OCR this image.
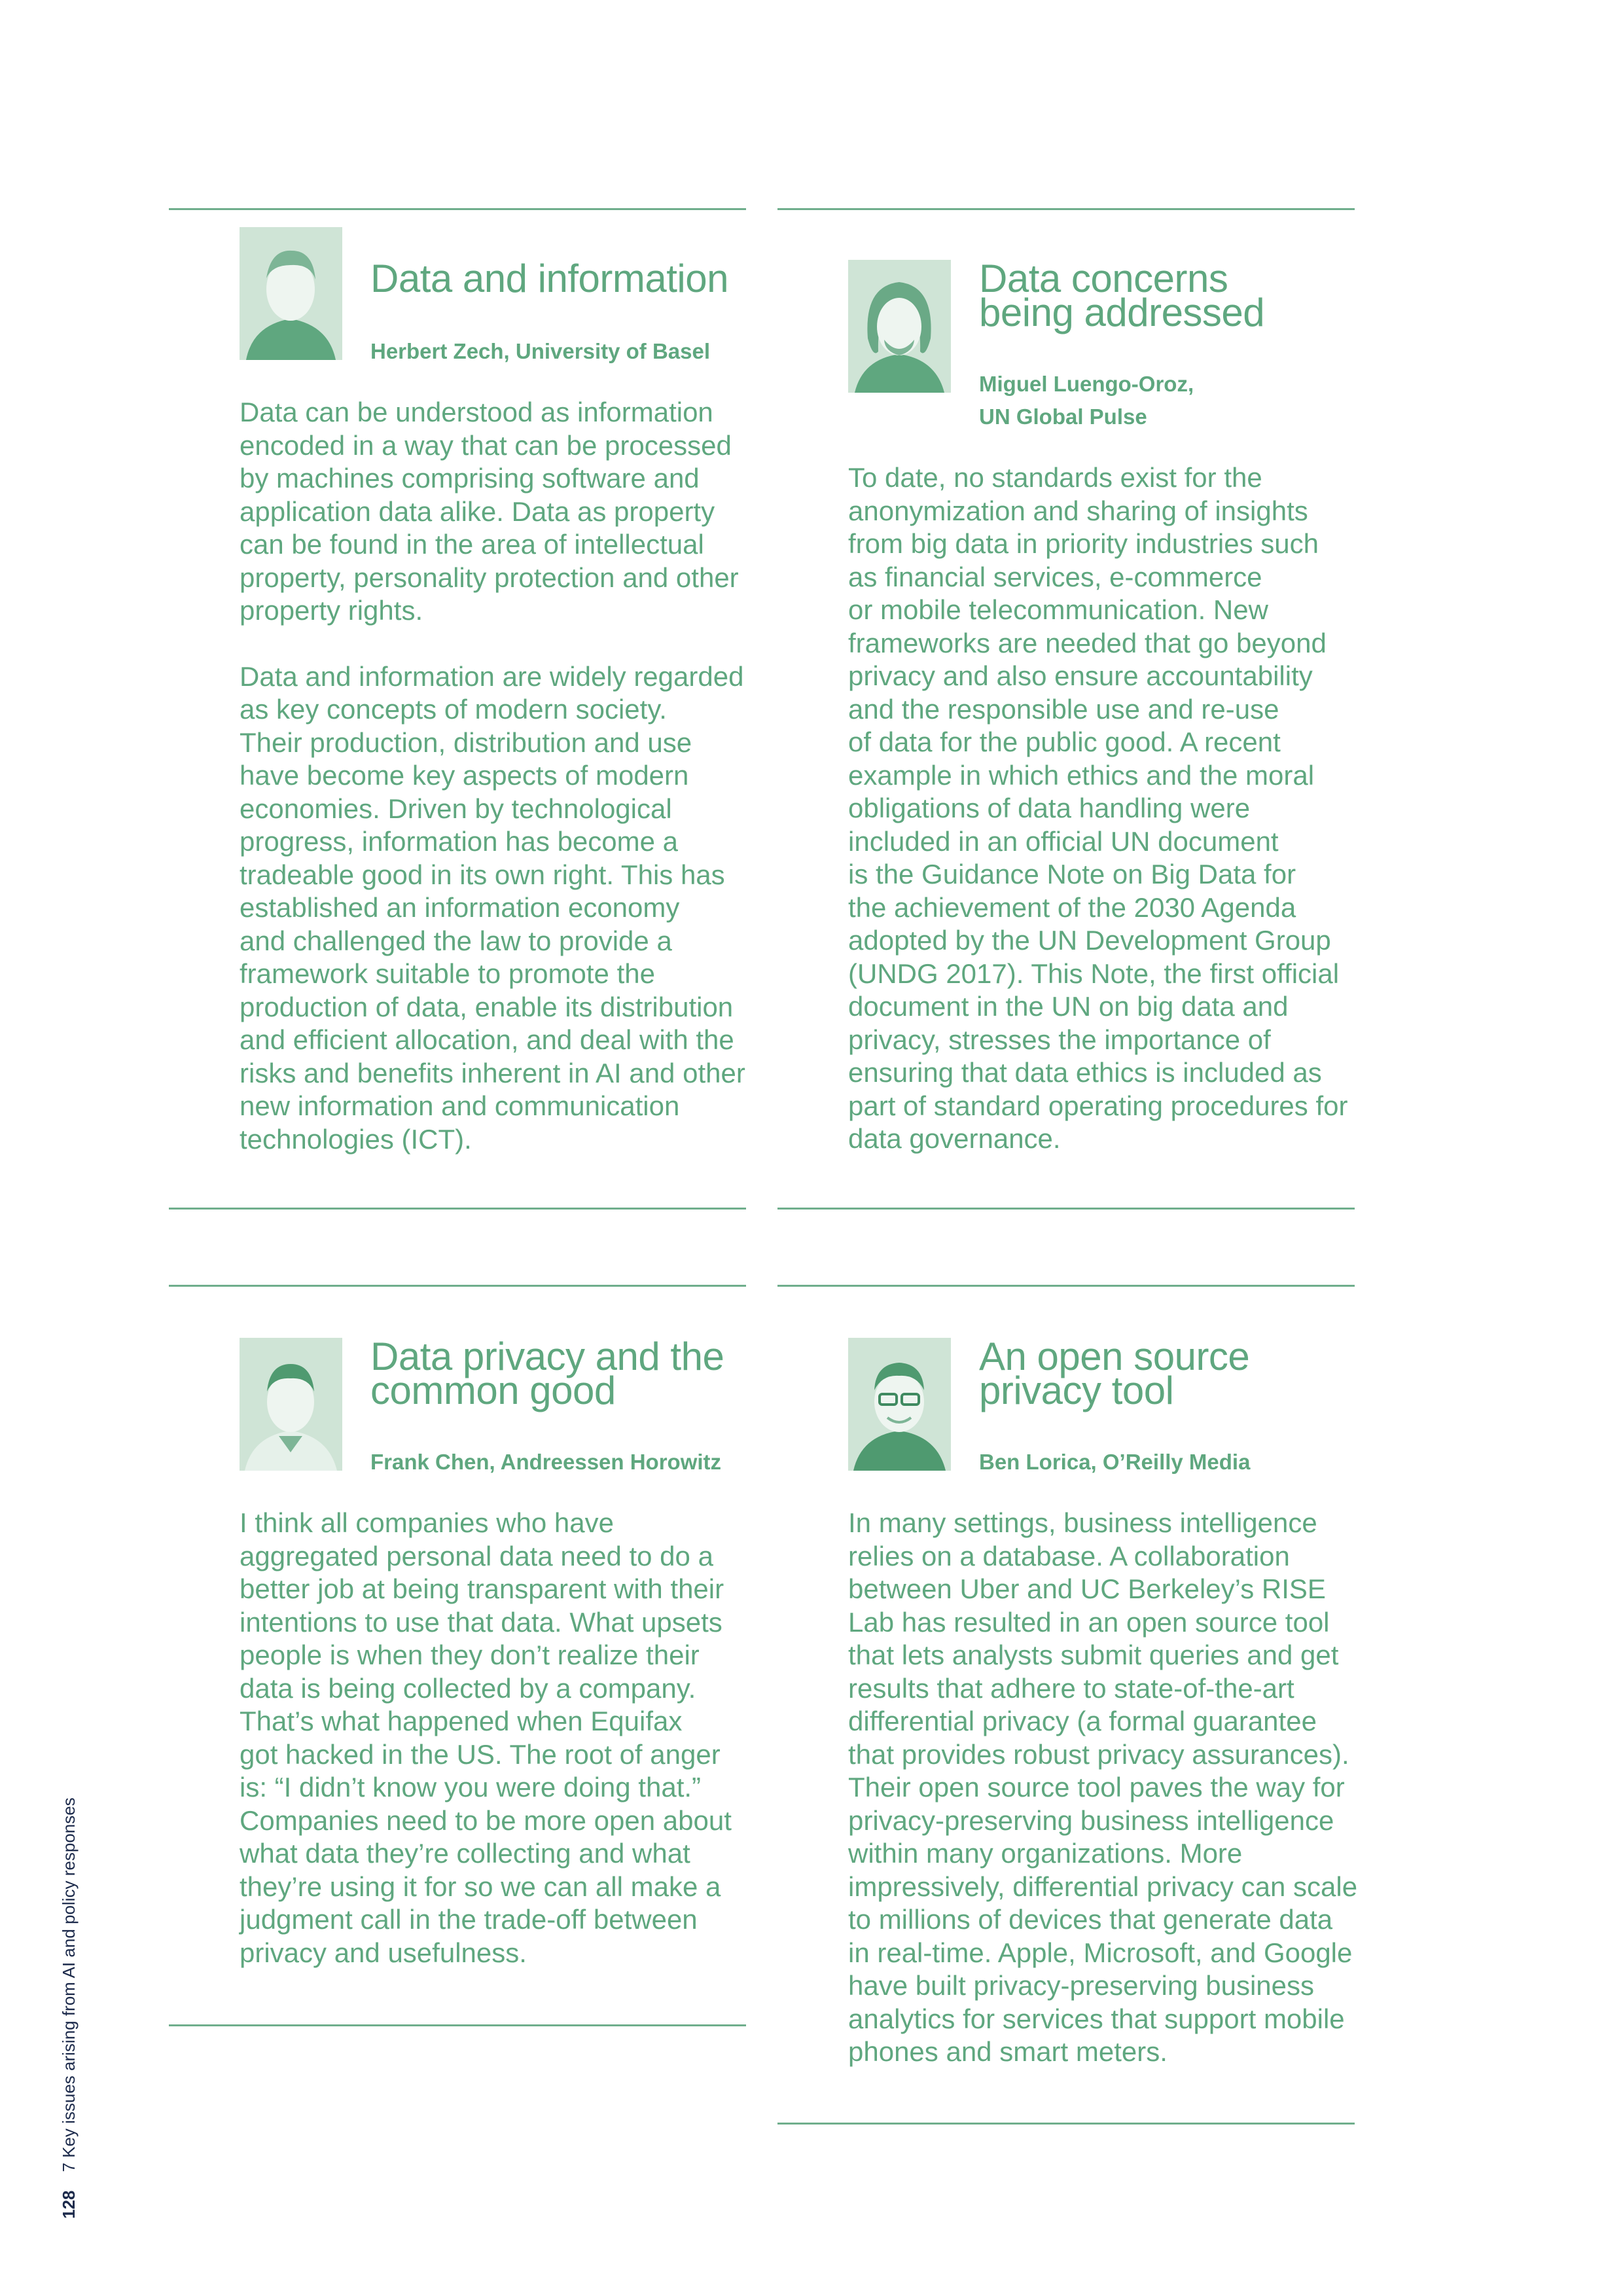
Data and information

Herbert Zech, University of Basel

Data can be understood as information
encoded in a way that can be processed
by machines comprising software and
application data alike. Data as property
can be found in the area of intellectual
property, personality protection and other
property rights.

Data and information are widely regarded
as key concepts of modern society.
Their production, distribution and use
have become key aspects of modern
economies. Driven by technological
progress, information has become a
tradeable good in its own right. This has
established an information economy
and challenged the law to provide a
framework suitable to promote the
production of data, enable its distribution
and efficient allocation, and deal with the
risks and benefits inherent in AI and other
new information and communication
technologies (ICT).

Data concerns
being addressed

Miguel Luengo-Oroz,
UN Global Pulse

To date, no standards exist for the
anonymization and sharing of insights
from big data in priority industries such
as financial services, e-commerce
or mobile telecommunication. New
frameworks are needed that go beyond
privacy and also ensure accountability
and the responsible use and re-use
of data for the public good. A recent
example in which ethics and the moral
obligations of data handling were
included in an official UN document
is the Guidance Note on Big Data for
the achievement of the 2030 Agenda
adopted by the UN Development Group
(UNDG 2017). This Note, the first official
document in the UN on big data and
privacy, stresses the importance of
ensuring that data ethics is included as
part of standard operating procedures for
data governance.

Data privacy and the
common good

Frank Chen, Andreessen Horowitz

I think all companies who have
aggregated personal data need to do a
better job at being transparent with their
intentions to use that data. What upsets
people is when they don’t realize their
data is being collected by a company.
That’s what happened when Equifax
got hacked in the US. The root of anger
is: “I didn’t know you were doing that.”
Companies need to be more open about
what data they’re collecting and what
they’re using it for so we can all make a
judgment call in the trade-off between
privacy and usefulness.

An open source
privacy tool

Ben Lorica, O’Reilly Media

In many settings, business intelligence
relies on a database. A collaboration
between Uber and UC Berkeley’s RISE
Lab has resulted in an open source tool
that lets analysts submit queries and get
results that adhere to state-of-the-art
differential privacy (a formal guarantee
that provides robust privacy assurances).
Their open source tool paves the way for
privacy-preserving business intelligence
within many organizations. More
impressively, differential privacy can scale
to millions of devices that generate data
in real-time. Apple, Microsoft, and Google
have built privacy-preserving business
analytics for services that support mobile
phones and smart meters.

1287 Key issues arising from AI and policy responses
